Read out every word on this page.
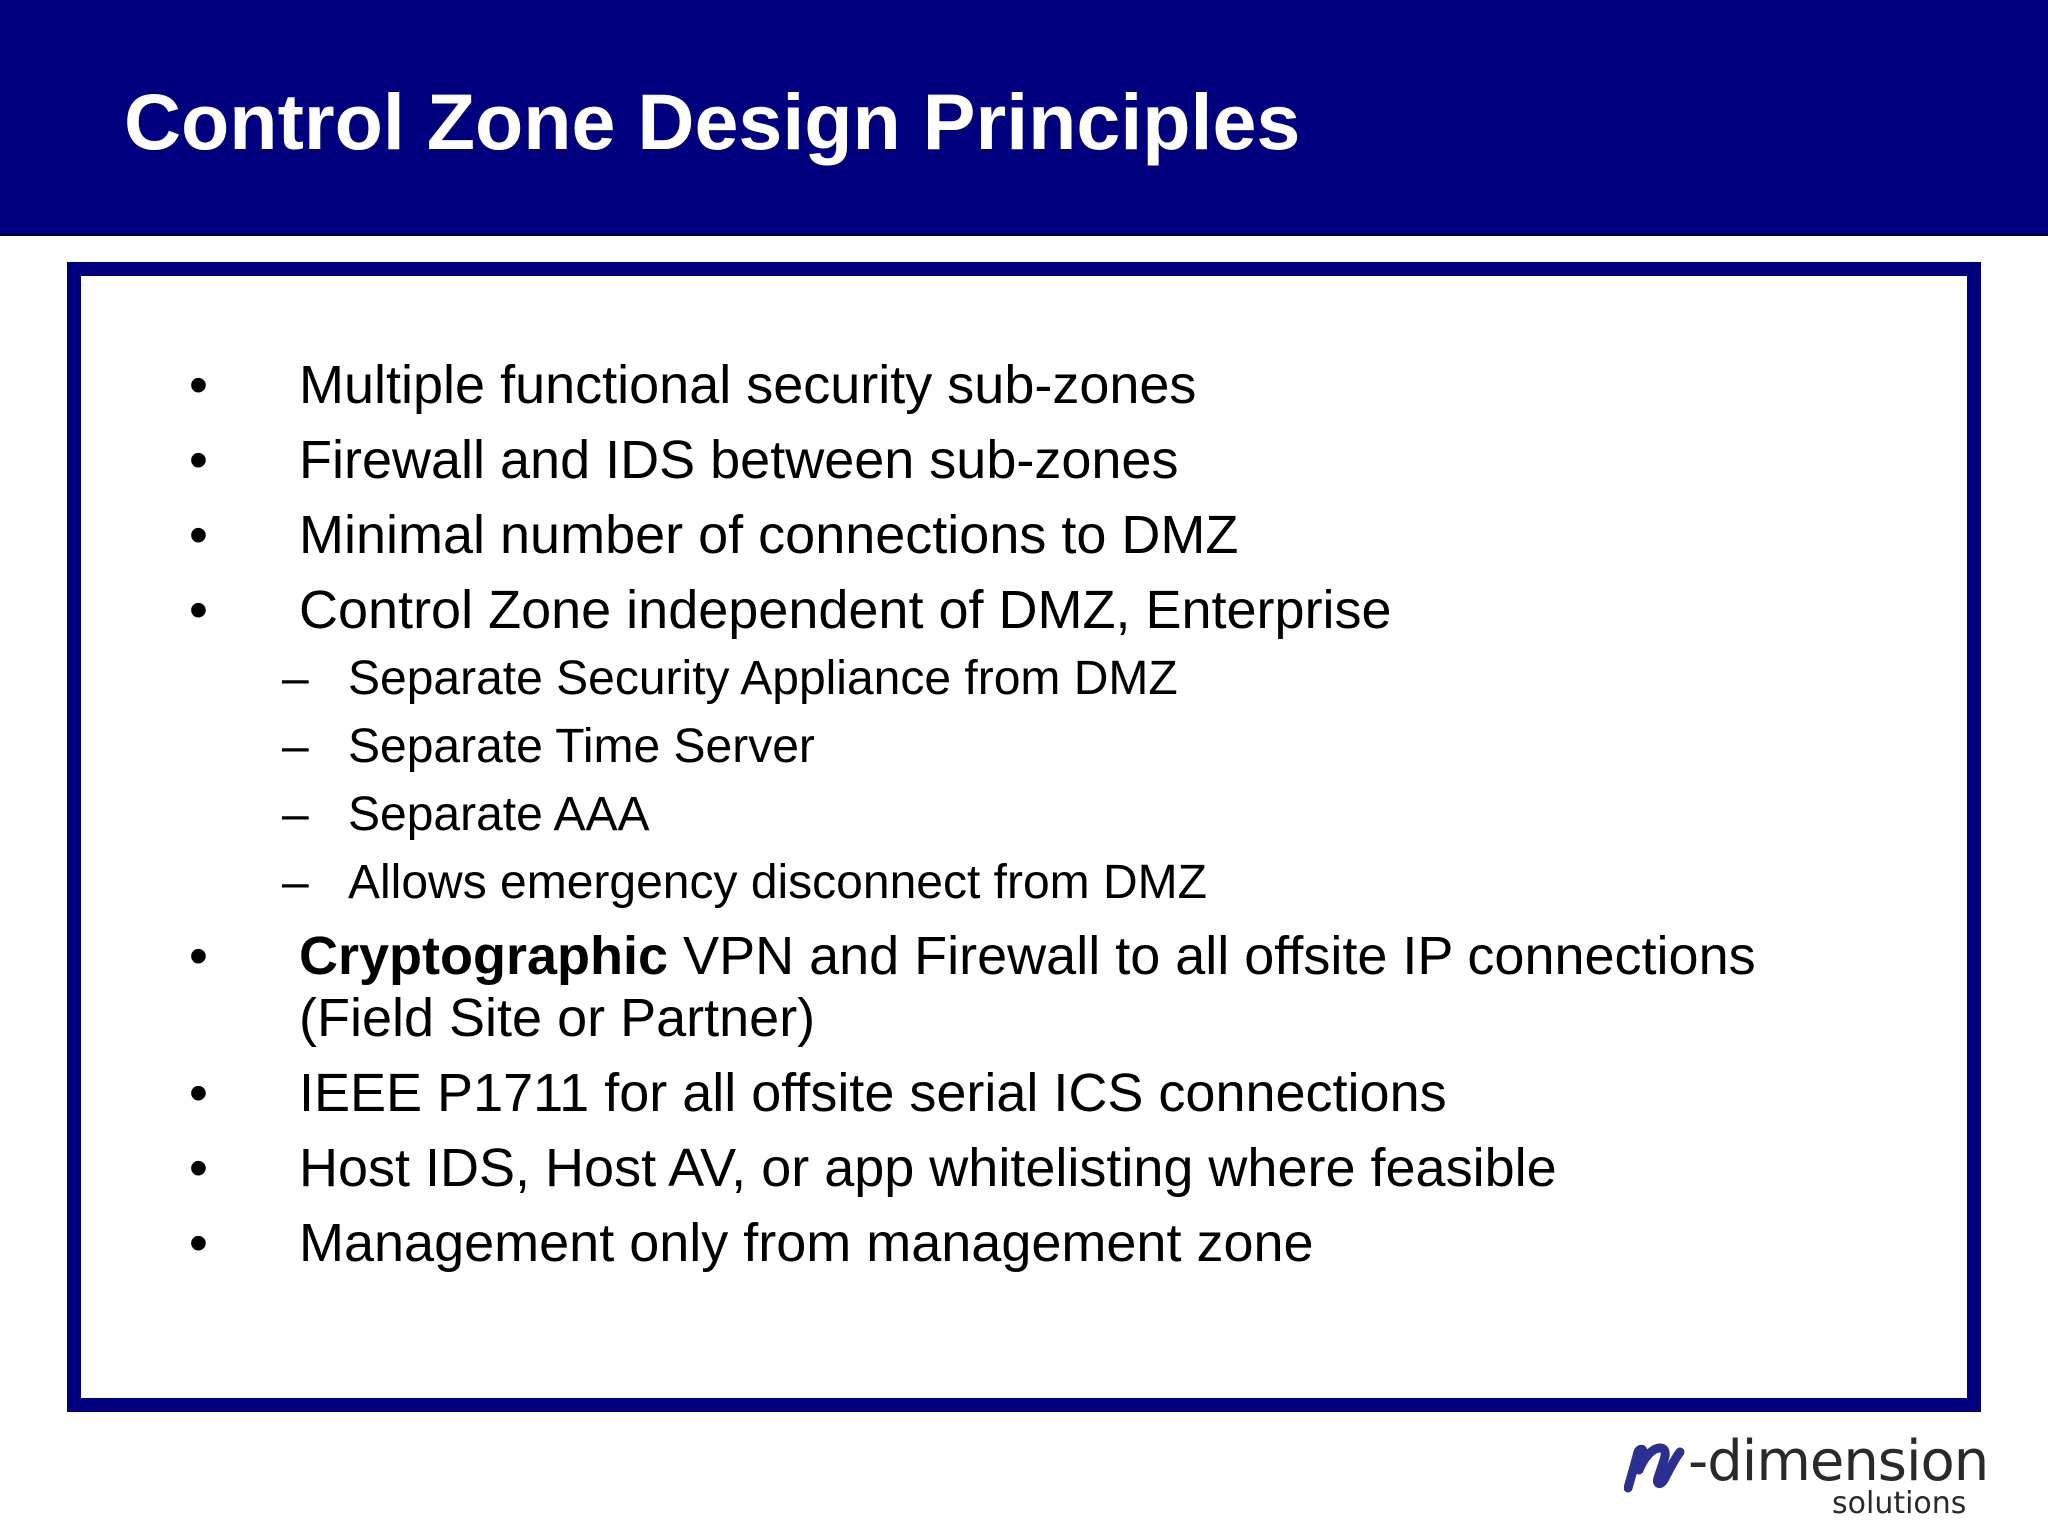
Control Zone Design Principles
•	Multiple functional security sub-zones
•	Firewall and IDS between sub-zones
•	Minimal number of connections to DMZ
•	Control Zone independent of DMZ, Enterprise
– Separate Security Appliance from DMZ
– Separate Time Server
– Separate AAA
– Allows emergency disconnect from DMZ
•	Cryptographic VPN and Firewall to all offsite IP connections
(Field Site or Partner)
•	IEEE P1711 for all offsite serial ICS connections
•	Host IDS, Host AV, or app whitelisting where feasible
•	Management only from management zone
-dimension
solutions
